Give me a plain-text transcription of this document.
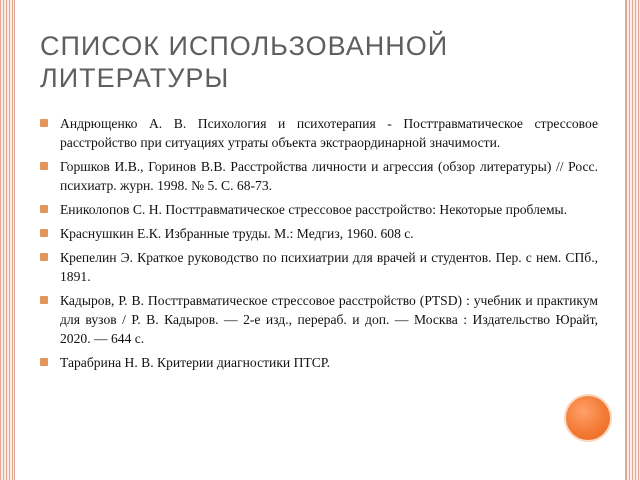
СПИСОК ИСПОЛЬЗОВАННОЙ ЛИТЕРАТУРЫ
Андрющенко А. В. Психология и психотерапия - Посттравматическое стрессовое расстройство при ситуациях утраты объекта экстраординарной значимости.
Горшков И.В., Горинов В.В. Расстройства личности и агрессия (обзор литературы) // Росс. психиатр. журн. 1998. № 5. С. 68-73.
Ениколопов С. Н. Посттравматическое стрессовое расстройство: Некоторые проблемы.
Краснушкин Е.К. Избранные труды. М.: Медгиз, 1960. 608 с.
Крепелин Э. Краткое руководство по психиатрии для врачей и студентов. Пер. с нем. СПб., 1891.
Кадыров, Р. В. Посттравматическое стрессовое расстройство (PTSD) : учебник и практикум для вузов / Р. В. Кадыров. — 2-е изд., перераб. и доп. — Москва : Издательство Юрайт, 2020. — 644 с.
Тарабрина Н. В. Критерии диагностики ПТСР.
